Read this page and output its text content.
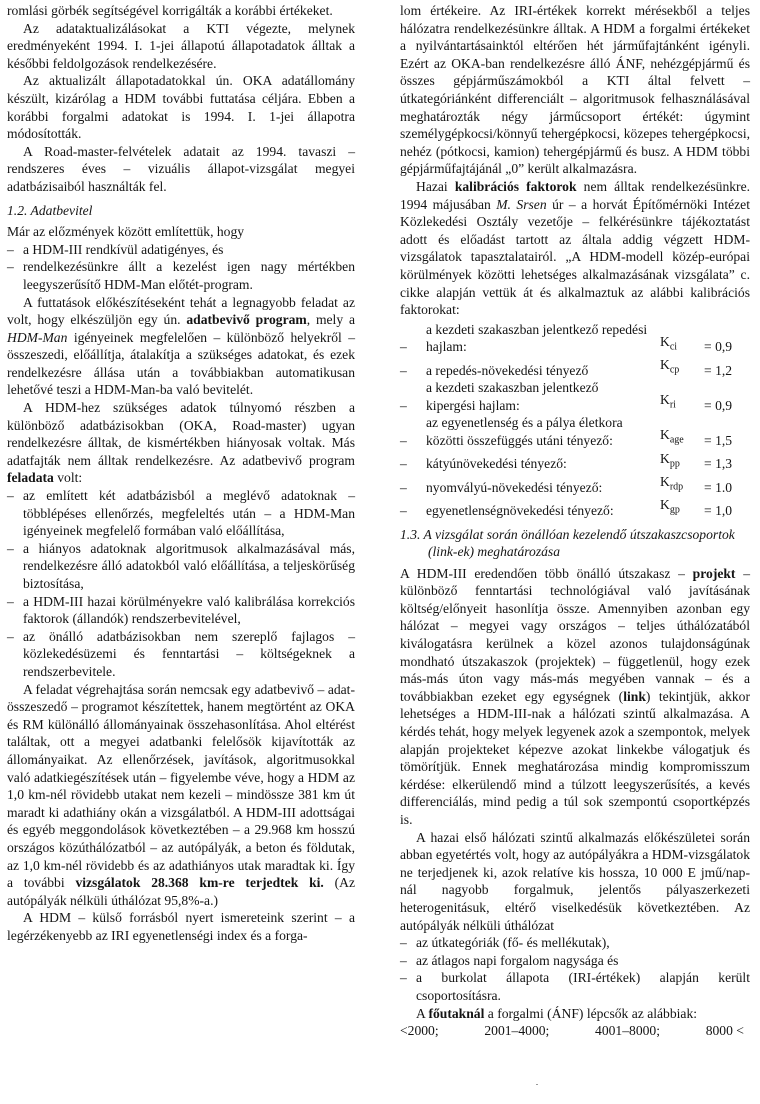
romlási görbék segítségével korrigálták a korábbi értékeket.

Az adataktualizálásokat a KTI végezte, melynek eredményeként 1994. I. 1-jei állapotú állapotadatok álltak a későbbi feldolgozások rendelkezésére.

Az aktualizált állapotadatokkal ún. OKA adatállomány készült, kizárólag a HDM további futtatása céljára. Ebben a korábbi forgalmi adatokat is 1994. I. 1-jei állapotra módosították.

A Road-master-felvételek adatait az 1994. tavaszi – rendszeres éves – vizuális állapot-vizsgálat megyei adatbázisaiból használták fel.

1.2. Adatbevitel

Már az előzmények között említettük, hogy

– a HDM-III rendkívül adatigényes, és
– rendelkezésünkre állt a kezelést igen nagy mértékben leegyszerűsítő HDM-Man előtét-program.

A futtatások előkészítéseként tehát a legnagyobb feladat az volt, hogy elkészüljön egy ún. adatbevivő program, mely a HDM-Man igényeinek megfelelően – különböző helyekről – összeszedi, előállítja, átalakítja a szükséges adatokat, és ezek rendelkezésre állása után a továbbiakban automatikusan lehetővé teszi a HDM-Man-ba való bevitelét.

A HDM-hez szükséges adatok túlnyomó részben a különböző adatbázisokban (OKA, Road-master) ugyan rendelkezésre álltak, de kismértékben hiányosak voltak. Más adatfajták nem álltak rendelkezésre. Az adatbevivő program feladata volt:

– az említett két adatbázisból a meglévő adatoknak – többlépéses ellenőrzés, megfeleltés után – a HDM-Man igényeinek megfelelő formában való előállítása,
– a hiányos adatoknak algoritmusok alkalmazásával más, rendelkezésre álló adatokból való előállítása, a teljeskörűség biztosítása,
– a HDM-III hazai körülményekre való kalibrálása korrekciós faktorok (állandók) rendszerbevitelével,
– az önálló adatbázisokban nem szereplő fajlagos – közlekedésüzemi és fenntartási – költségeknek a rendszerbevitele.

A feladat végrehajtása során nemcsak egy adatbevivő – adat-összeszedő – programot készítettek, hanem megtörtént az OKA és RM különálló állományainak összehasonlítása. Ahol eltérést találtak, ott a megyei adatbanki felelősök kijavították az állományaikat. Az ellenőrzések, javítások, algoritmusokkal való adatkiegészítések után – figyelembe véve, hogy a HDM az 1,0 km-nél rövidebb utakat nem kezeli – mindössze 381 km út maradt ki adathiány okán a vizsgálatból. A HDM-III adottságai és egyéb meggondolások következtében – a 29.968 km hosszú országos közúthálózatból – az autópályák, a beton és földutak, az 1,0 km-nél rövidebb és az adathiányos utak maradtak ki. Így a további vizsgálatok 28.368 km-re terjedtek ki. (Az autópályák nélküli úthálózat 95,8%-a.)

A HDM – külső forrásból nyert ismereteink szerint – a legérzékenyebb az IRI egyenetlenségi index és a forga-

lom értékeire. Az IRI-értékek korrekt mérésekből a teljes hálózatra rendelkezésünkre álltak. A HDM a forgalmi értékeket a nyilvántartásainktól eltérően hét járműfajtánként igényli. Ezért az OKA-ban rendelkezésre álló ÁNF, nehézgépjármű és összes gépjárműszámokból a KTI által felvett – útkategóriánként differenciált – algoritmusok felhasználásával meghatározták négy járműcsoport értékét: úgymint személygépkocsi/könnyű tehergépkocsi, közepes tehergépkocsi, nehéz (pótkocsi, kamion) tehergépjármű és busz. A HDM többi gépjárműfajtájánál „0” került alkalmazásra.

Hazai kalibrációs faktorok nem álltak rendelkezésünkre. 1994 májusában M. Srsen úr – a horvát Építőmérnöki Intézet Közlekedési Osztály vezetője – felkérésünkre tájékoztatást adott és előadást tartott az általa addig végzett HDM-vizsgálatok tapasztalatairól. „A HDM-modell közép-európai körülmények közötti lehetséges alkalmazásának vizsgálata” c. cikke alapján vettük át és alkalmaztuk az alábbi kalibrációs faktorokat:

–
a kezdeti szakaszban jelentkező repedési
hajlam:	$K_{ci}$	= 0,9
–	a repedés-növekedési tényező	$K_{cp}$	= 1,2
–
a kezdeti szakaszban jelentkező
kipergési hajlam:	$K_{ri}$	= 0,9
–
az egyenetlenség és a pálya életkora
közötti összefüggés utáni tényező:	$K_{age}$	= 1,5
–	kátyúnövekedési tényező:	$K_{pp}$	= 1,3
–	nyomvályú-növekedési tényező:	$K_{rdp}$	= 1.0
–	egyenetlenségnövekedési tényező:	$K_{gp}$	= 1,0

1.3. A vizsgálat során önállóan kezelendő útszakaszcsoportok (link-ek) meghatározása

A HDM-III eredendően több önálló útszakasz – projekt – különböző fenntartási technológiával való javításának költség/előnyeit hasonlítja össze. Amennyiben azonban egy hálózat – megyei vagy országos – teljes úthálózatából kiválogatásra kerülnek a közel azonos tulajdonságúnak mondható útszakaszok (projektek) – függetlenül, hogy ezek más-más úton vagy más-más megyében vannak – és a továbbiakban ezeket egy egységnek (link) tekintjük, akkor lehetséges a HDM-III-nak a hálózati szintű alkalmazása. A kérdés tehát, hogy melyek legyenek azok a szempontok, melyek alapján projekteket képezve azokat linkekbe válogatjuk és tömörítjük. Ennek meghatározása mindig kompromisszum kérdése: elkerülendő mind a túlzott leegyszerűsítés, a kevés differenciálás, mind pedig a túl sok szempontú csoportképzés is.

A hazai első hálózati szintű alkalmazás előkészületei során abban egyetértés volt, hogy az autópályákra a HDM-vizsgálatok ne terjedjenek ki, azok relatíve kis hossza, 10 000 E jmű/nap-nál nagyobb forgalmuk, jelentős pályaszerkezeti heterogenitásuk, eltérő viselkedésük következtében. Az autópályák nélküli úthálózat

– az útkategóriák (fő- és mellékutak),
– az átlagos napi forgalom nagysága és
– a burkolat állapota (IRI-értékek) alapján került csoportosításra.

A főutaknál a forgalmi (ÁNF) lépcsők az alábbiak:

<2000;	2001–4000;	4001–8000;	8000 <
